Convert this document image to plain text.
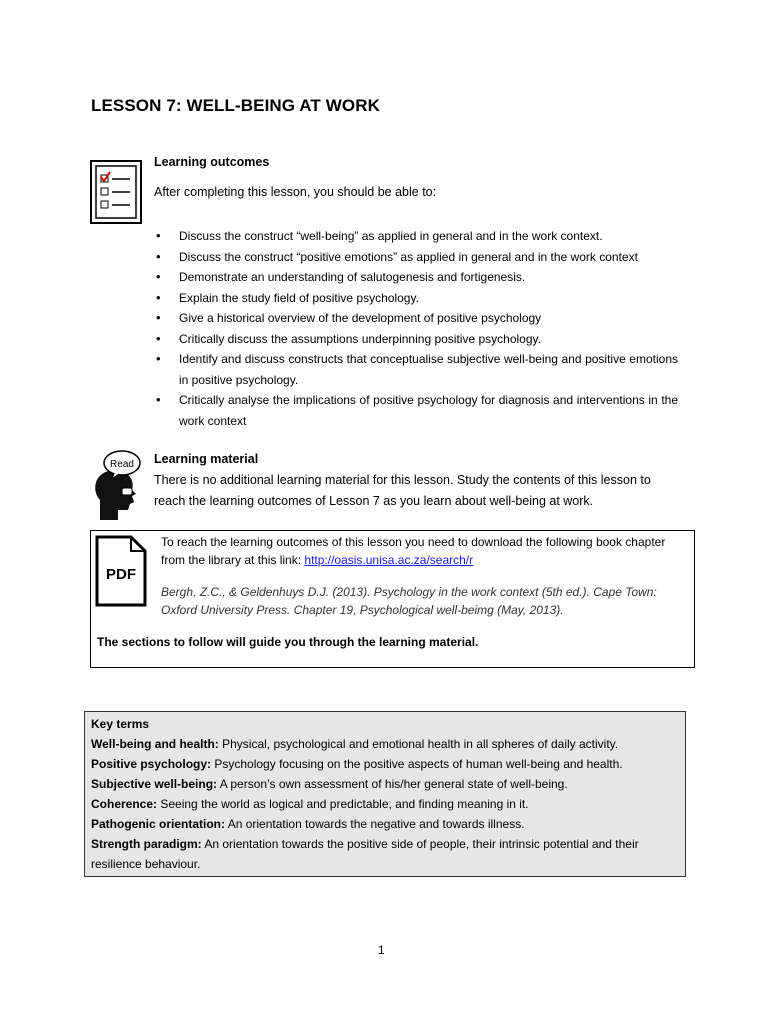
LESSON 7: WELL-BEING AT WORK
Learning outcomes
After completing this lesson, you should be able to:
• Discuss the construct “well-being” as applied in general and in the work context.
• Discuss the construct “positive emotions” as applied in general and in the work context
• Demonstrate an understanding of salutogenesis and fortigenesis.
• Explain the study field of positive psychology.
• Give a historical overview of the development of positive psychology
• Critically discuss the assumptions underpinning positive psychology.
• Identify and discuss constructs that conceptualise subjective well-being and positive emotions in positive psychology.
• Critically analyse the implications of positive psychology for diagnosis and interventions in the work context
Read Learning material
There is no additional learning material for this lesson. Study the contents of this lesson to reach the learning outcomes of Lesson 7 as you learn about well-being at work.
PDF
To reach the learning outcomes of this lesson you need to download the following book chapter from the library at this link: http://oasis.unisa.ac.za/search/r
Bergh, Z.C., & Geldenhuys D.J. (2013). Psychology in the work context (5th ed.). Cape Town: Oxford University Press. Chapter 19, Psychological well-beimg (May, 2013).
The sections to follow will guide you through the learning material.
Key terms
Well-being and health: Physical, psychological and emotional health in all spheres of daily activity.
Positive psychology: Psychology focusing on the positive aspects of human well-being and health.
Subjective well-being: A person’s own assessment of his/her general state of well-being.
Coherence: Seeing the world as logical and predictable, and finding meaning in it.
Pathogenic orientation: An orientation towards the negative and towards illness.
Strength paradigm: An orientation towards the positive side of people, their intrinsic potential and their resilience behaviour.
1
